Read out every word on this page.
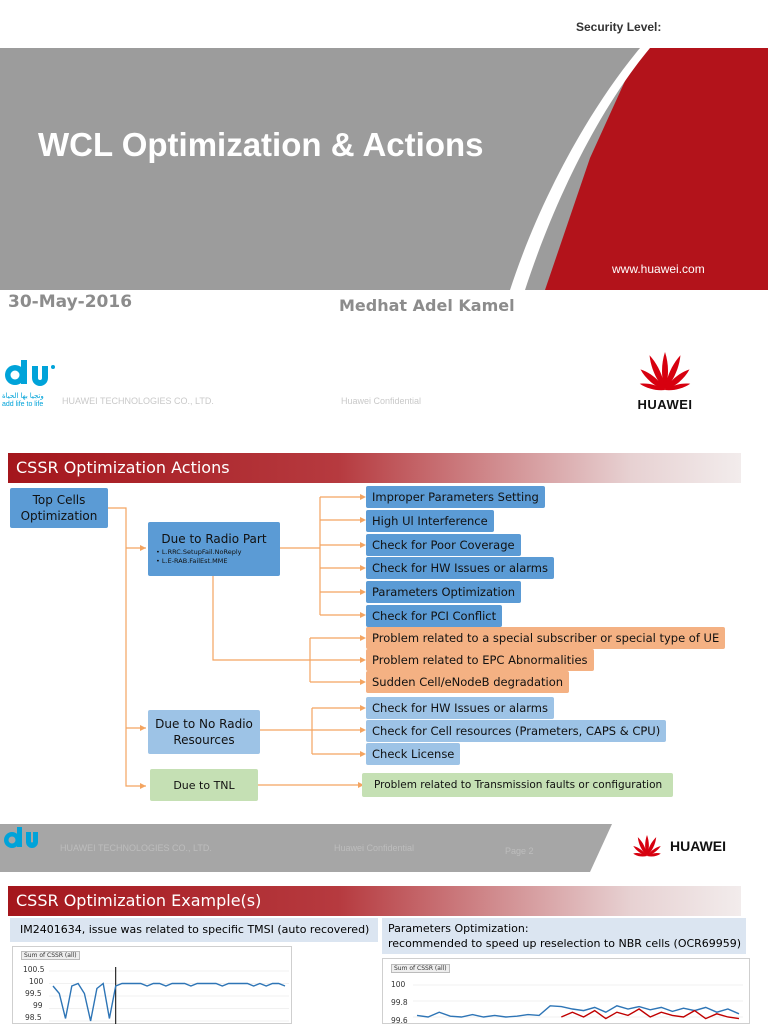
Security Level:
WCL Optimization & Actions
www.huawei.com
30-May-2016	Medhat Adel Kamel
وتجيا بها الحياة
add life to life	HUAWEI TECHNOLOGIES CO., LTD.	Huawei Confidential	HUAWEI
CSSR Optimization Actions
Top Cells Optimization
Due to Radio Part
• L.RRC.SetupFail.NoReply
• L.E-RAB.FailEst.MME
Improper Parameters Setting
High Ul Interference
Check for Poor Coverage
Check for HW Issues or alarms
Parameters Optimization
Check for PCI Conflict
Problem related to a special subscriber or special type of UE
Problem related to EPC Abnormalities
Sudden Cell/eNodeB degradation
Due to No Radio Resources
Check for HW Issues or alarms
Check for Cell resources (Prameters, CAPS & CPU)
Check License
Due to TNL	Problem related to Transmission faults or configuration
HUAWEI TECHNOLOGIES CO., LTD.	Huawei Confidential	Page 2	HUAWEI
CSSR Optimization Example(s)
IM2401634, issue was related to specific TMSI (auto recovered)	Parameters Optimization:
recommended to speed up reselection to NBR cells (OCR69959)
Sum of CSSR (all)
100.5
100
99.5
99
98.5
Sum of CSSR (all)
100
99.8
99.6
